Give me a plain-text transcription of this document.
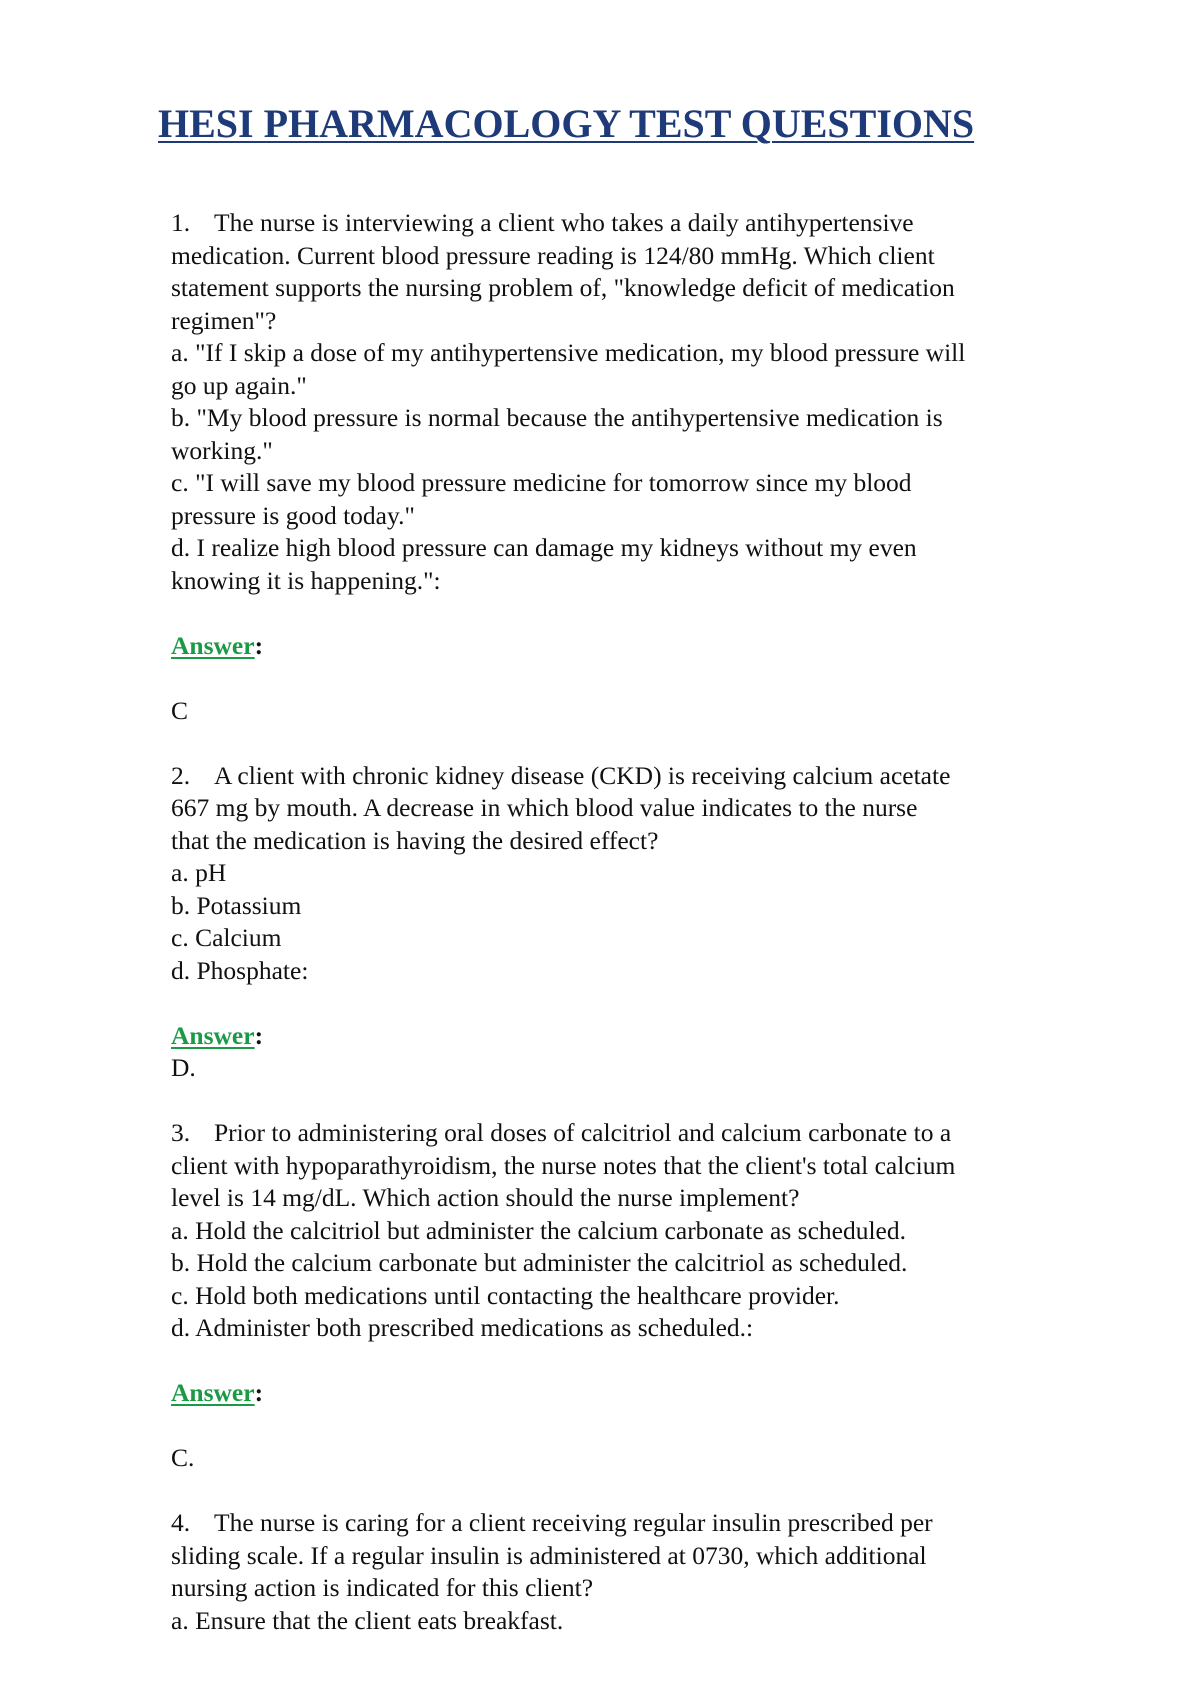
HESI PHARMACOLOGY TEST QUESTIONS
1. The nurse is interviewing a client who takes a daily antihypertensive
medication. Current blood pressure reading is 124/80 mmHg. Which client
statement supports the nursing problem of, "knowledge deficit of medication
regimen"?
a. "If I skip a dose of my antihypertensive medication, my blood pressure will
go up again."
b. "My blood pressure is normal because the antihypertensive medication is
working."
c. "I will save my blood pressure medicine for tomorrow since my blood
pressure is good today."
d. I realize high blood pressure can damage my kidneys without my even
knowing it is happening.":
Answer:
C
2. A client with chronic kidney disease (CKD) is receiving calcium acetate
667 mg by mouth. A decrease in which blood value indicates to the nurse
that the medication is having the desired effect?
a. pH
b. Potassium
c. Calcium
d. Phosphate:
Answer:
D.
3. Prior to administering oral doses of calcitriol and calcium carbonate to a
client with hypoparathyroidism, the nurse notes that the client's total calcium
level is 14 mg/dL. Which action should the nurse implement?
a. Hold the calcitriol but administer the calcium carbonate as scheduled.
b. Hold the calcium carbonate but administer the calcitriol as scheduled.
c. Hold both medications until contacting the healthcare provider.
d. Administer both prescribed medications as scheduled.:
Answer:
C.
4. The nurse is caring for a client receiving regular insulin prescribed per
sliding scale. If a regular insulin is administered at 0730, which additional
nursing action is indicated for this client?
a. Ensure that the client eats breakfast.
